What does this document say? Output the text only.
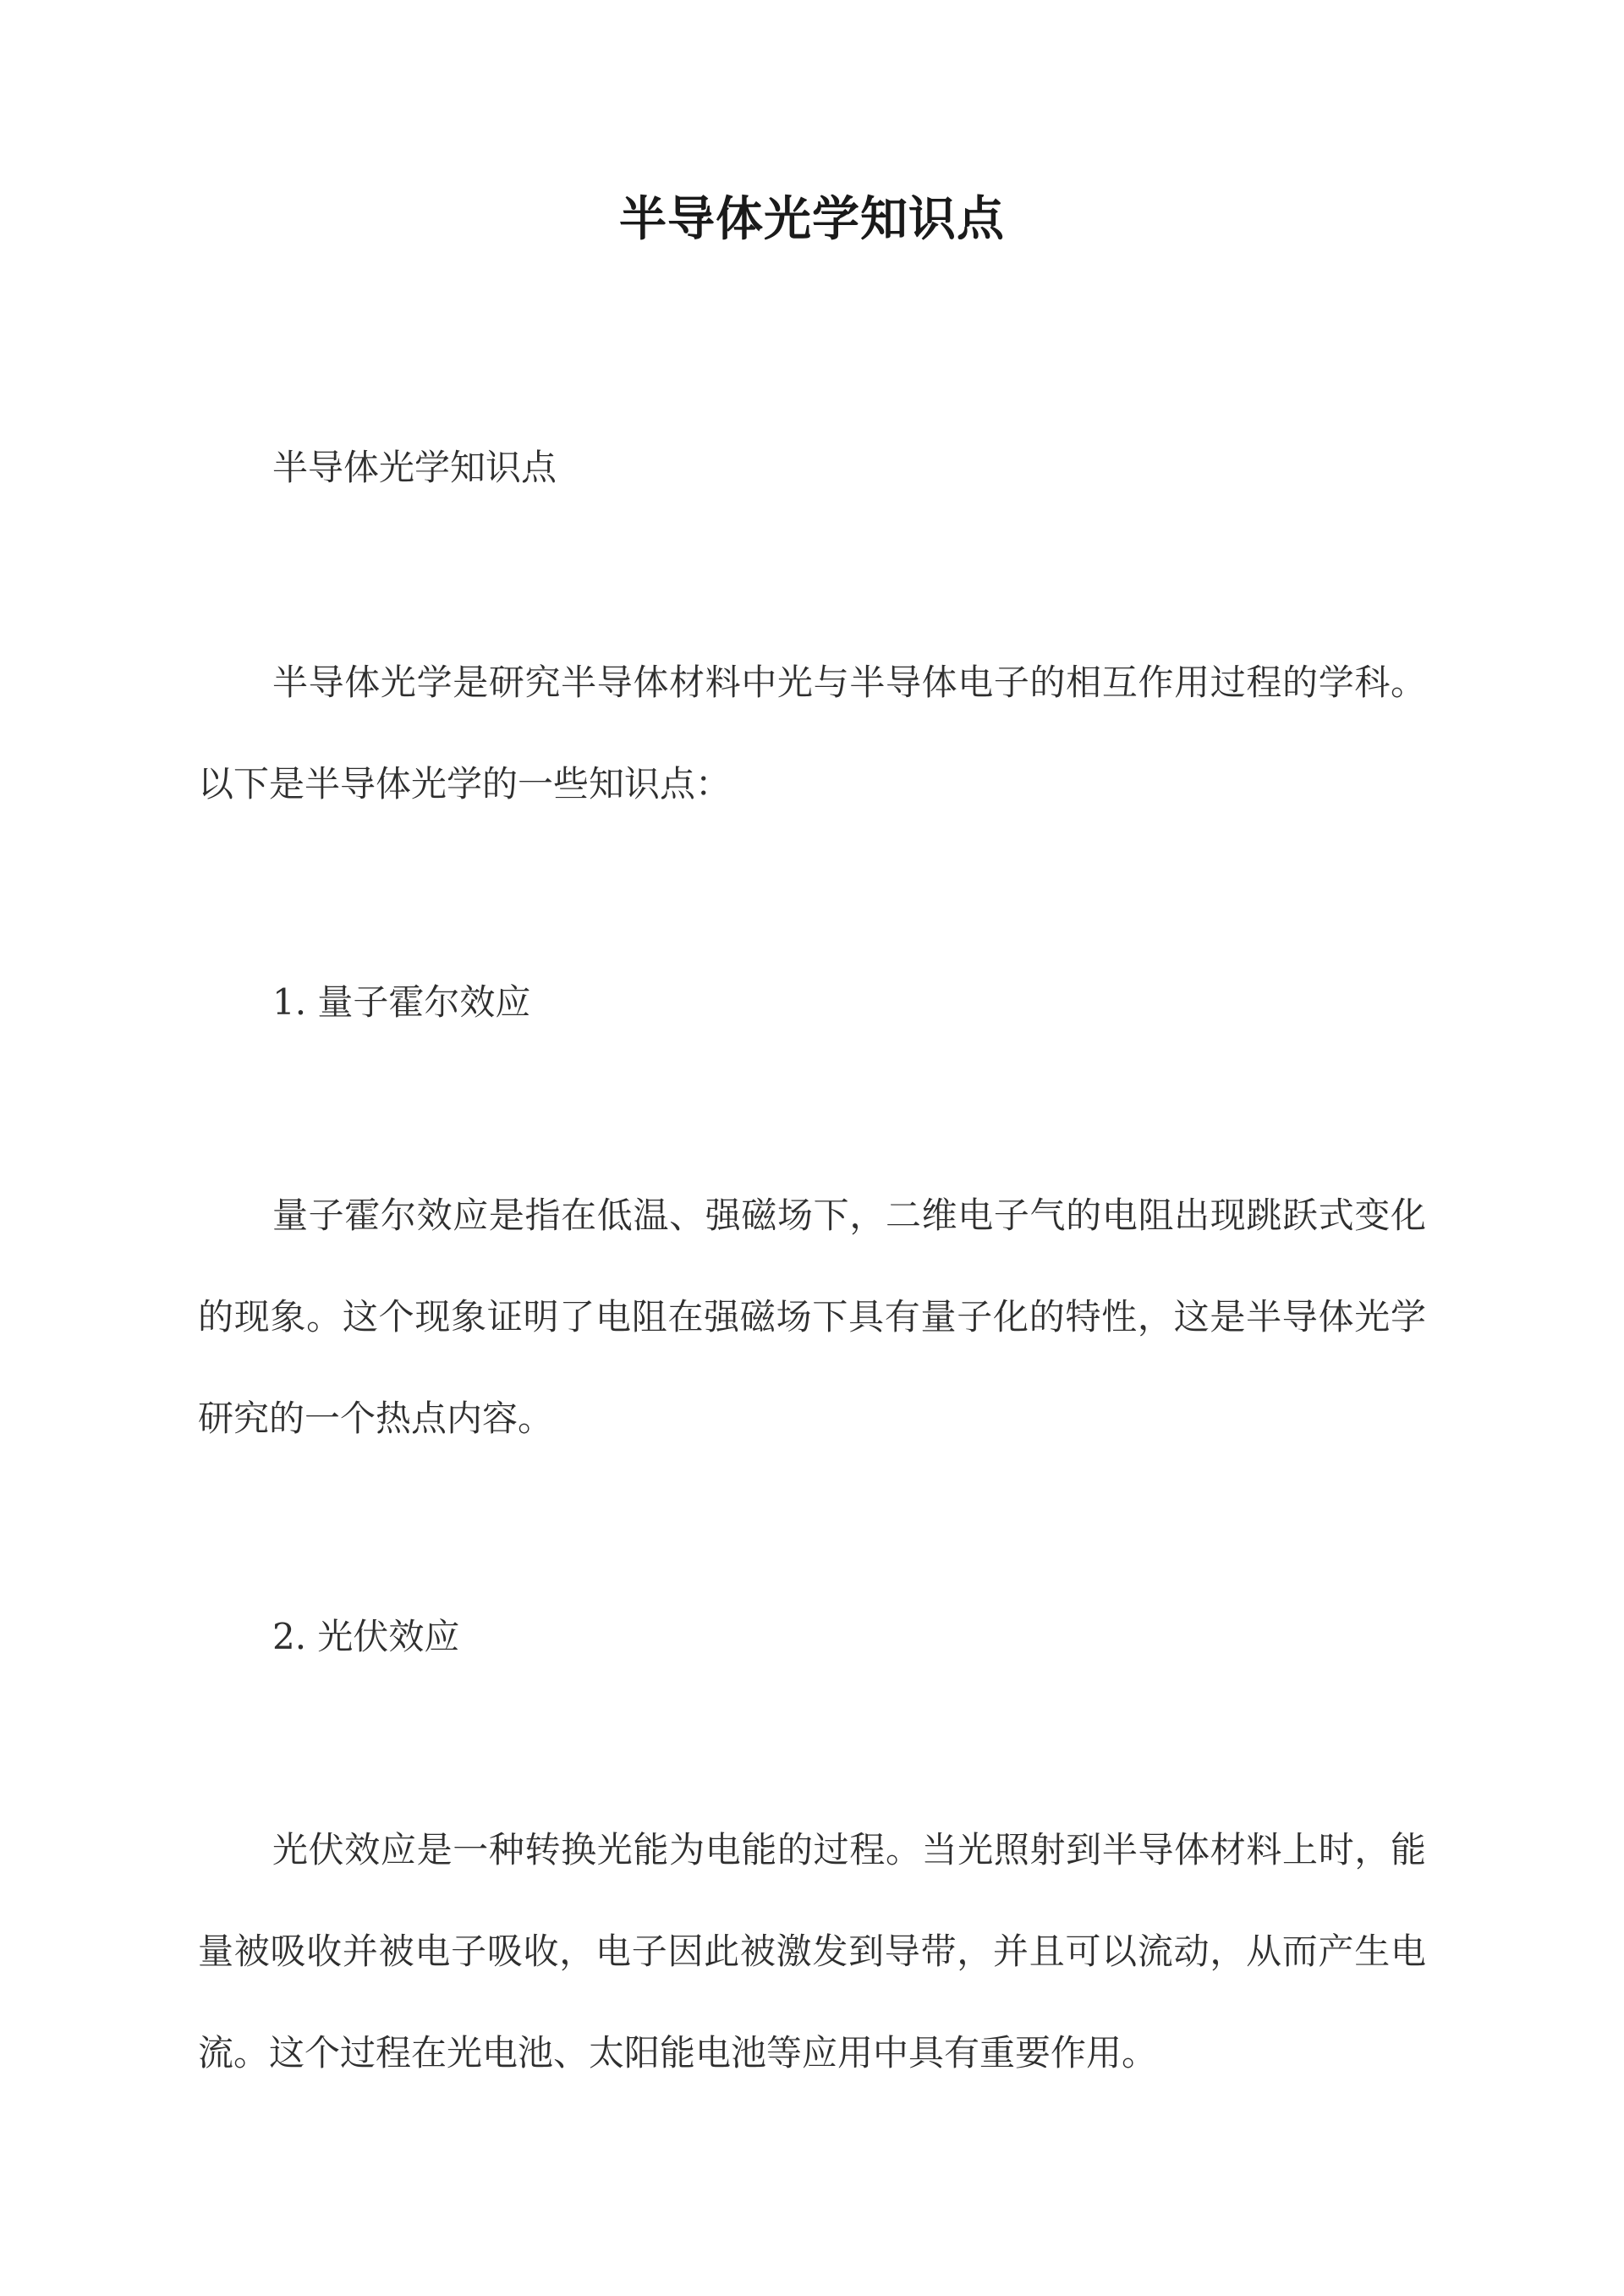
半导体光学知识点
半导体光学知识点
半导体光学是研究半导体材料中光与半导体电子的相互作用过程的学科。以下是半导体光学的一些知识点：
1. 量子霍尔效应
量子霍尔效应是指在低温、强磁场下，二维电子气的电阻出现跳跃式变化的现象。这个现象证明了电阻在强磁场下具有量子化的特性，这是半导体光学研究的一个热点内容。
2. 光伏效应
光伏效应是一种转换光能为电能的过程。当光照射到半导体材料上时，能量被吸收并被电子吸收，电子因此被激发到导带，并且可以流动，从而产生电流。这个过程在光电池、太阳能电池等应用中具有重要作用。
